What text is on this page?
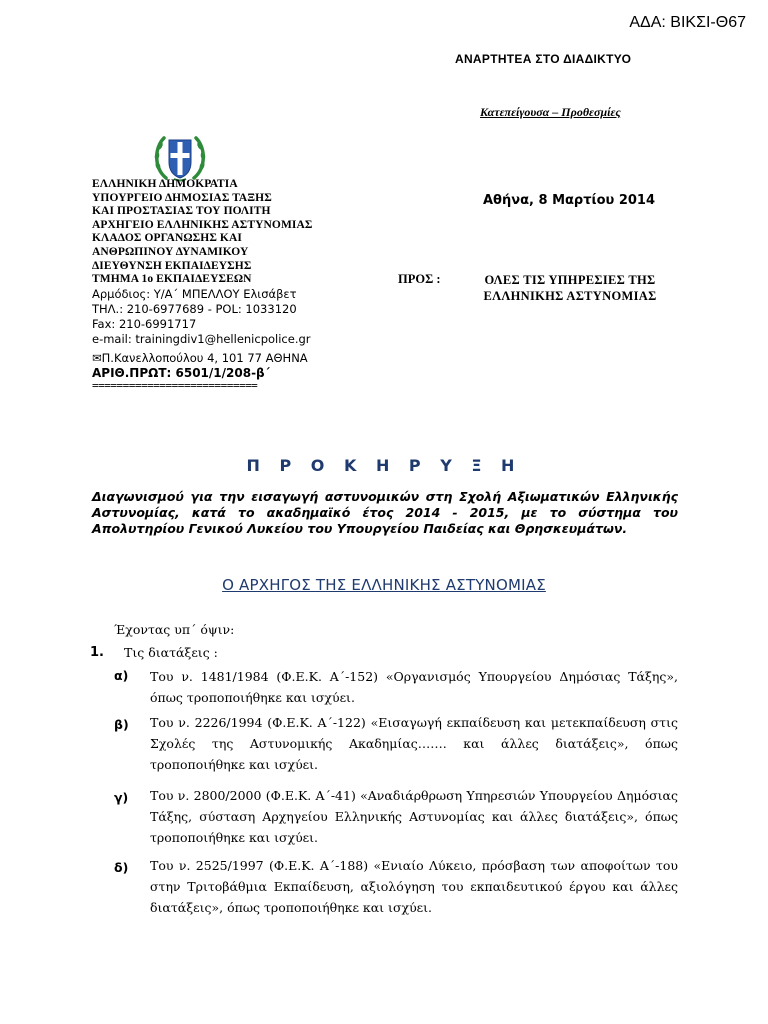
ΑΔΑ: ΒΙΚΣΙ-Θ67
ΑΝΑΡΤΗΤΕΑ ΣΤΟ ΔΙΑΔΙΚΤΥΟ
Κατεπείγουσα – Προθεσμίες
ΕΛΛΗΝΙΚΗ ΔΗΜΟΚΡΑΤΙΑ
ΥΠΟΥΡΓΕΙΟ ΔΗΜΟΣΙΑΣ ΤΑΞΗΣ
ΚΑΙ ΠΡΟΣΤΑΣΙΑΣ ΤΟΥ ΠΟΛΙΤΗ
ΑΡΧΗΓΕΙΟ ΕΛΛΗΝΙΚΗΣ ΑΣΤΥΝΟΜΙΑΣ
ΚΛΑΔΟΣ ΟΡΓΑΝΩΣΗΣ ΚΑΙ
ΑΝΘΡΩΠΙΝΟΥ ΔΥΝΑΜΙΚΟΥ
ΔΙΕΥΘΥΝΣΗ ΕΚΠΑΙΔΕΥΣΗΣ
ΤΜΗΜΑ 1ο ΕΚΠΑΙΔΕΥΣΕΩΝ
Αρμόδιος: Υ/Α΄ ΜΠΕΛΛΟΥ Ελισάβετ
ΤΗΛ.: 210-6977689 - POL: 1033120
Fax: 210-6991717
e-mail: trainingdiv1@hellenicpolice.gr
✉Π.Κανελλοπούλου 4, 101 77 ΑΘΗΝΑ
ΑΡΙΘ.ΠΡΩΤ: 6501/1/208-β΄
===========================
Αθήνα, 8 Μαρτίου 2014
ΠΡΟΣ :	ΟΛΕΣ ΤΙΣ ΥΠΗΡΕΣΙΕΣ ΤΗΣ
ΕΛΛΗΝΙΚΗΣ ΑΣΤΥΝΟΜΙΑΣ
Π Ρ Ο Κ Η Ρ Υ Ξ Η
Διαγωνισμού για την εισαγωγή αστυνομικών στη Σχολή Αξιωματικών Ελληνικής Αστυνομίας, κατά το ακαδημαϊκό έτος 2014 - 2015, με το σύστημα του Απολυτηρίου Γενικού Λυκείου του Υπουργείου Παιδείας και Θρησκευμάτων.
Ο ΑΡΧΗΓΟΣ ΤΗΣ ΕΛΛΗΝΙΚΗΣ ΑΣΤΥΝΟΜΙΑΣ
Έχοντας υπ΄ όψιν:
1. Τις διατάξεις :
α) Του ν. 1481/1984 (Φ.Ε.Κ. Α΄-152) «Οργανισμός Υπουργείου Δημόσιας Τάξης», όπως τροποποιήθηκε και ισχύει.
β) Του ν. 2226/1994 (Φ.Ε.Κ. Α΄-122) «Εισαγωγή εκπαίδευση και μετεκπαίδευση στις Σχολές της Αστυνομικής Ακαδημίας……. και άλλες διατάξεις», όπως τροποποιήθηκε και ισχύει.
γ) Του ν. 2800/2000 (Φ.Ε.Κ. Α΄-41) «Αναδιάρθρωση Υπηρεσιών Υπουργείου Δημόσιας Τάξης, σύσταση Αρχηγείου Ελληνικής Αστυνομίας και άλλες διατάξεις», όπως τροποποιήθηκε και ισχύει.
δ) Του ν. 2525/1997 (Φ.Ε.Κ. Α΄-188) «Ενιαίο Λύκειο, πρόσβαση των αποφοίτων του στην Τριτοβάθμια Εκπαίδευση, αξιολόγηση του εκπαιδευτικού έργου και άλλες διατάξεις», όπως τροποποιήθηκε και ισχύει.
